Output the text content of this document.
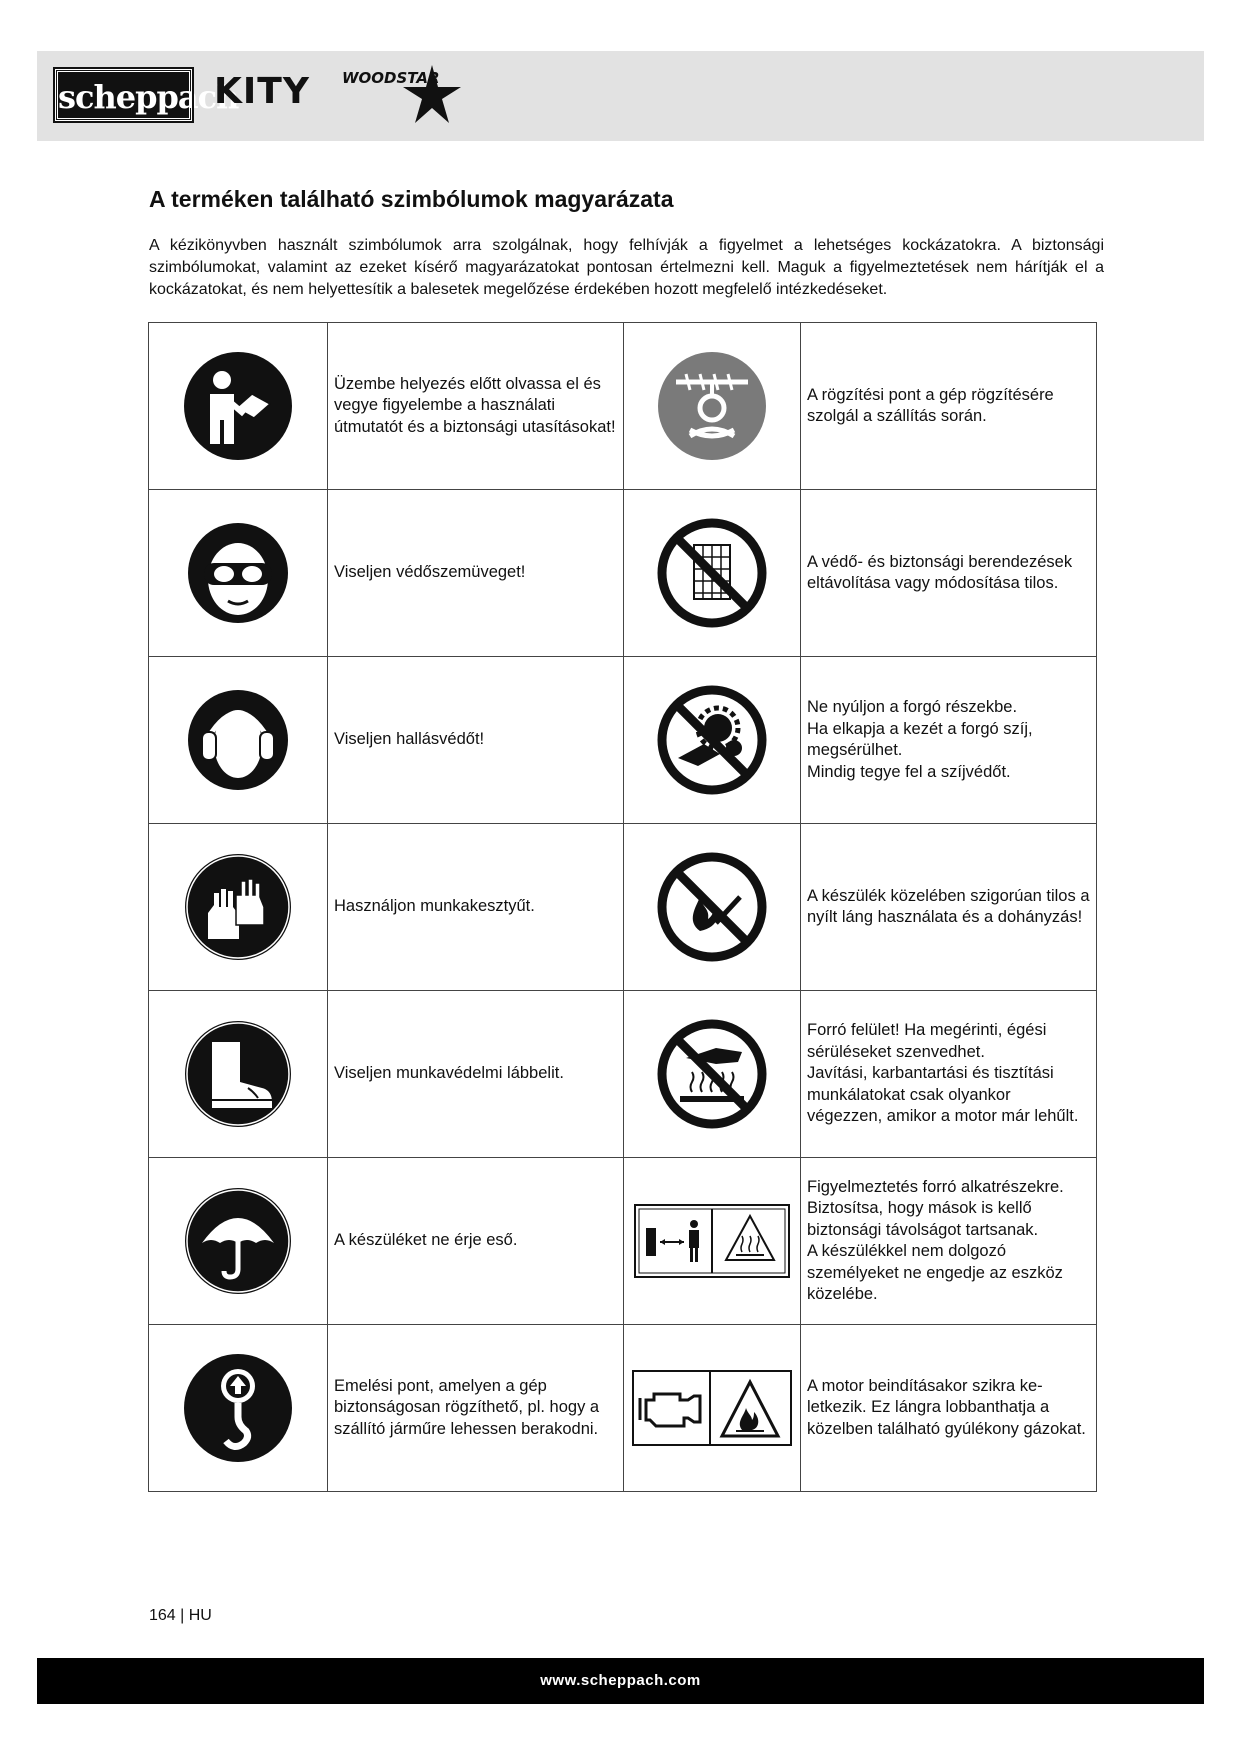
scheppach
KITY WOODSTAR
A terméken található szimbólumok magyarázata

A kézikönyvben használt szimbólumok arra szolgálnak, hogy felhívják a figyelmet a lehetséges kockázatokra. A biztonsági szimbólumokat, valamint az ezeket kísérő magyarázatokat pontosan értelmezni kell. Maguk a figyelmeztetések nem hárítják el a kockázatokat, és nem helyettesítik a balesetek megelőzése érdekében hozott megfelelő intézkedéseket.

	Üzembe helyezés előtt olvassa el és vegye figyelembe a használati útmutatót és a biztonsági utasításokat!		A rögzítési pont a gép rögzítésére szolgál a szállítás során.

	Viseljen védőszemüveget!		A védő- és biztonsági berendezések eltávolítása vagy módosítása tilos.

	Viseljen hallásvédőt!		Ne nyúljon a forgó részekbe.
Ha elkapja a kezét a forgó szíj, megsérülhet.
Mindig tegye fel a szíjvédőt.

	Használjon munkakesztyűt.		A készülék közelében szigorúan tilos a nyílt láng használata és a dohányzás!

	Viseljen munkavédelmi lábbelit.		Forró felület! Ha megérinti, égési sérüléseket szenvedhet.
Javítási, karbantartási és tisztítási munkálatokat csak olyankor végezzen, amikor a motor már lehűlt.

	A készüléket ne érje eső.		Figyelmeztetés forró alkatrészekre. Biztosítsa, hogy mások is kellő biztonsági távolságot tartsanak.
A készülékkel nem dolgozó személyeket ne engedje az eszköz közelébe.

	Emelési pont, amelyen a gép biztonságosan rögzíthető, pl. hogy a szállító járműre lehessen berakodni.		A motor beindításakor szikra ke-letkezik. Ez lángra lobbanthatja a közelben található gyúlékony gázokat.
164 | HU
www.scheppach.com
